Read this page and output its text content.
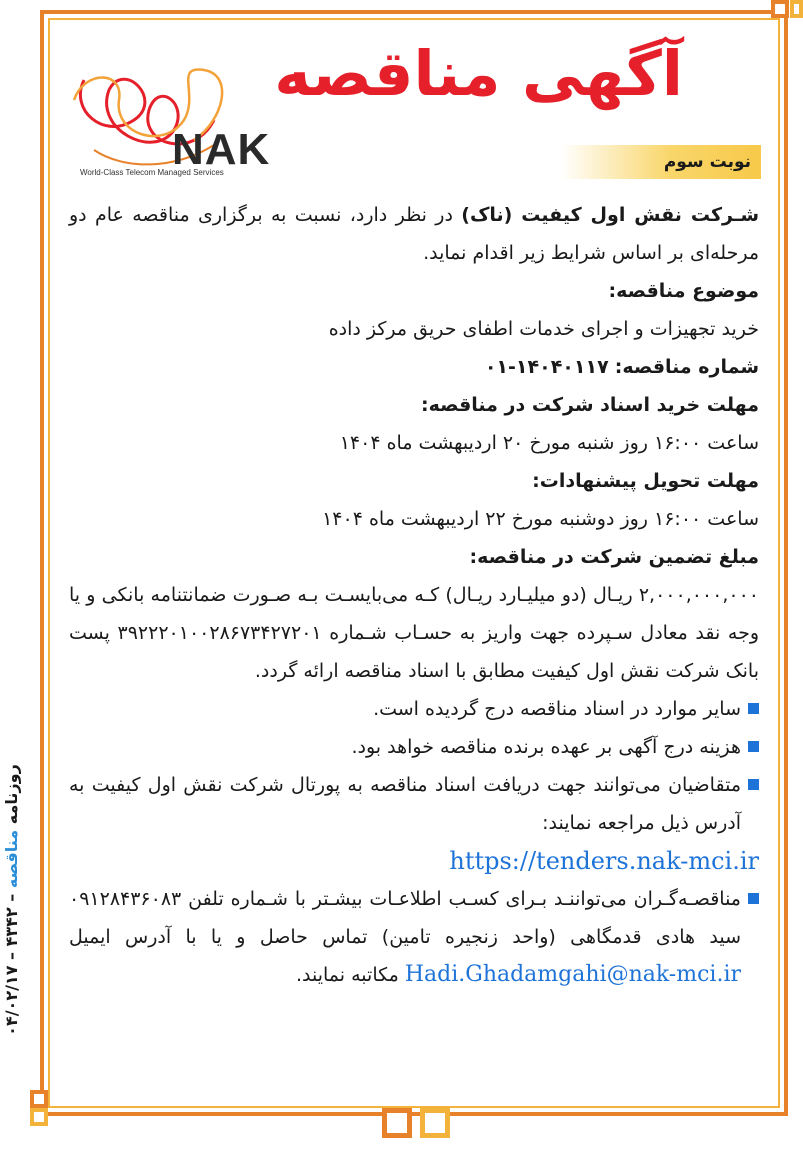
آگهی مناقصه
NAK
World-Class Telecom Managed Services
نوبت سوم

شـرکت نقش اول کیفیت (ناک) در نظر دارد، نسبت به برگزاری مناقصه عام دو مرحله‌ای بر اساس شرایط زیر اقدام نماید.

موضوع مناقصه:

خرید تجهیزات و اجرای خدمات اطفای حریق مرکز داده

شماره مناقصه: ۱۴۰۴۰۱۱۷-۰۱

مهلت خرید اسناد شرکت در مناقصه:

ساعت ۱۶:۰۰ روز شنبه مورخ ۲۰ اردیبهشت ماه ۱۴۰۴

مهلت تحویل پیشنهادات:

ساعت ۱۶:۰۰ روز دوشنبه مورخ ۲۲ اردیبهشت ماه ۱۴۰۴

مبلغ تضمین شرکت در مناقصه:

۲,۰۰۰,۰۰۰,۰۰۰ ریـال (دو میلیـارد ریـال) کـه می‌بایسـت بـه صـورت ضمانتنامه بانکی و یا وجه نقد معادل سـپرده جهت واریز به حسـاب شـماره ۳۹۲۲۲۰۱۰۰۲۸۶۷۳۴۲۷۲۰۱ پست بانک شرکت نقش اول کیفیت مطابق با اسناد مناقصه ارائه گردد.

سایر موارد در اسناد مناقصه درج گردیده است.

هزینه درج آگهی بر عهده برنده مناقصه خواهد بود.

متقاضیان می‌توانند جهت دریافت اسناد مناقصه به پورتال شرکت نقش اول کیفیت به آدرس ذیل مراجعه نمایند:

https://tenders.nak-mci.ir

مناقصـه‌گـران می‌تواننـد بـرای کسـب اطلاعـات بیشـتر با شـماره تلفن ۰۹۱۲۸۴۳۶۰۸۳ سید هادی قدمگاهی (واحد زنجیره تامین) تماس حاصل و یا با آدرس ایمیل Hadi.Ghadamgahi@nak-mci.ir مکاتبه نمایند.

روزنامه مناقصه – ۴۳۴۲ – ۰۴/۰۲/۱۷
